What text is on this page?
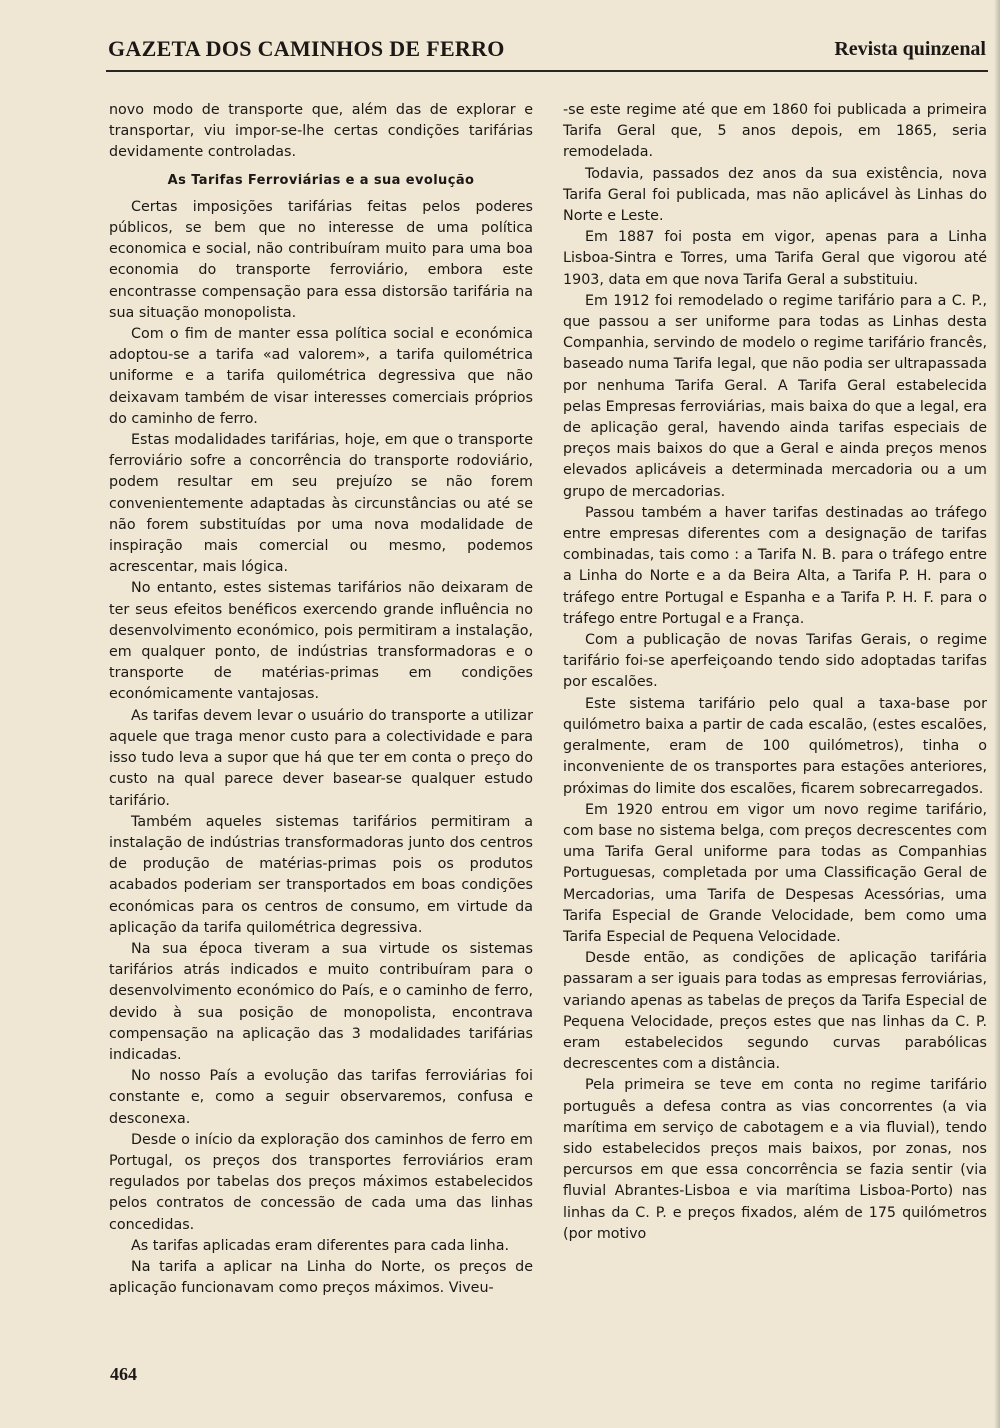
GAZETA DOS CAMINHOS DE FERRO	Revista quinzenal

novo modo de transporte que, além das de explorar e transportar, viu impor-se-lhe certas condições tarifárias devidamente controladas.

As Tarifas Ferroviárias e a sua evolução

Certas imposições tarifárias feitas pelos poderes públicos, se bem que no interesse de uma política economica e social, não contribuíram muito para uma boa economia do transporte ferroviário, embora este encontrasse compensação para essa distorsão tarifária na sua situação monopolista.

Com o fim de manter essa política social e económica adoptou-se a tarifa «ad valorem», a tarifa quilométrica uniforme e a tarifa quilométrica degressiva que não deixavam também de visar interesses comerciais próprios do caminho de ferro.

Estas modalidades tarifárias, hoje, em que o transporte ferroviário sofre a concorrência do transporte rodoviário, podem resultar em seu prejuízo se não forem convenientemente adaptadas às circunstâncias ou até se não forem substituídas por uma nova modalidade de inspiração mais comercial ou mesmo, podemos acrescentar, mais lógica.

No entanto, estes sistemas tarifários não deixaram de ter seus efeitos benéficos exercendo grande influência no desenvolvimento económico, pois permitiram a instalação, em qualquer ponto, de indústrias transformadoras e o transporte de matérias-primas em condições económicamente vantajosas.

As tarifas devem levar o usuário do transporte a utilizar aquele que traga menor custo para a colectividade e para isso tudo leva a supor que há que ter em conta o preço do custo na qual parece dever basear-se qualquer estudo tarifário.

Também aqueles sistemas tarifários permitiram a instalação de indústrias transformadoras junto dos centros de produção de matérias-primas pois os produtos acabados poderiam ser transportados em boas condições económicas para os centros de consumo, em virtude da aplicação da tarifa quilométrica degressiva.

Na sua época tiveram a sua virtude os sistemas tarifários atrás indicados e muito contribuíram para o desenvolvimento económico do País, e o caminho de ferro, devido à sua posição de monopolista, encontrava compensação na aplicação das 3 modalidades tarifárias indicadas.

No nosso País a evolução das tarifas ferroviárias foi constante e, como a seguir observaremos, confusa e desconexa.

Desde o início da exploração dos caminhos de ferro em Portugal, os preços dos transportes ferroviários eram regulados por tabelas dos preços máximos estabelecidos pelos contratos de concessão de cada uma das linhas concedidas.

As tarifas aplicadas eram diferentes para cada linha.

Na tarifa a aplicar na Linha do Norte, os preços de aplicação funcionavam como preços máximos. Viveu-

-se este regime até que em 1860 foi publicada a primeira Tarifa Geral que, 5 anos depois, em 1865, seria remodelada.

Todavia, passados dez anos da sua existência, nova Tarifa Geral foi publicada, mas não aplicável às Linhas do Norte e Leste.

Em 1887 foi posta em vigor, apenas para a Linha Lisboa-Sintra e Torres, uma Tarifa Geral que vigorou até 1903, data em que nova Tarifa Geral a substituiu.

Em 1912 foi remodelado o regime tarifário para a C. P., que passou a ser uniforme para todas as Linhas desta Companhia, servindo de modelo o regime tarifário francês, baseado numa Tarifa legal, que não podia ser ultrapassada por nenhuma Tarifa Geral. A Tarifa Geral estabelecida pelas Empresas ferroviárias, mais baixa do que a legal, era de aplicação geral, havendo ainda tarifas especiais de preços mais baixos do que a Geral e ainda preços menos elevados aplicáveis a determinada mercadoria ou a um grupo de mercadorias.

Passou também a haver tarifas destinadas ao tráfego entre empresas diferentes com a designação de tarifas combinadas, tais como : a Tarifa N. B. para o tráfego entre a Linha do Norte e a da Beira Alta, a Tarifa P. H. para o tráfego entre Portugal e Espanha e a Tarifa P. H. F. para o tráfego entre Portugal e a França.

Com a publicação de novas Tarifas Gerais, o regime tarifário foi-se aperfeiçoando tendo sido adoptadas tarifas por escalões.

Este sistema tarifário pelo qual a taxa-base por quilómetro baixa a partir de cada escalão, (estes escalões, geralmente, eram de 100 quilómetros), tinha o inconveniente de os transportes para estações anteriores, próximas do limite dos escalões, ficarem sobrecarregados.

Em 1920 entrou em vigor um novo regime tarifário, com base no sistema belga, com preços decrescentes com uma Tarifa Geral uniforme para todas as Companhias Portuguesas, completada por uma Classificação Geral de Mercadorias, uma Tarifa de Despesas Acessórias, uma Tarifa Especial de Grande Velocidade, bem como uma Tarifa Especial de Pequena Velocidade.

Desde então, as condições de aplicação tarifária passaram a ser iguais para todas as empresas ferroviárias, variando apenas as tabelas de preços da Tarifa Especial de Pequena Velocidade, preços estes que nas linhas da C. P. eram estabelecidos segundo curvas parabólicas decrescentes com a distância.

Pela primeira se teve em conta no regime tarifário português a defesa contra as vias concorrentes (a via marítima em serviço de cabotagem e a via fluvial), tendo sido estabelecidos preços mais baixos, por zonas, nos percursos em que essa concorrência se fazia sentir (via fluvial Abrantes-Lisboa e via marítima Lisboa-Porto) nas linhas da C. P. e preços fixados, além de 175 quilómetros (por motivo

464
